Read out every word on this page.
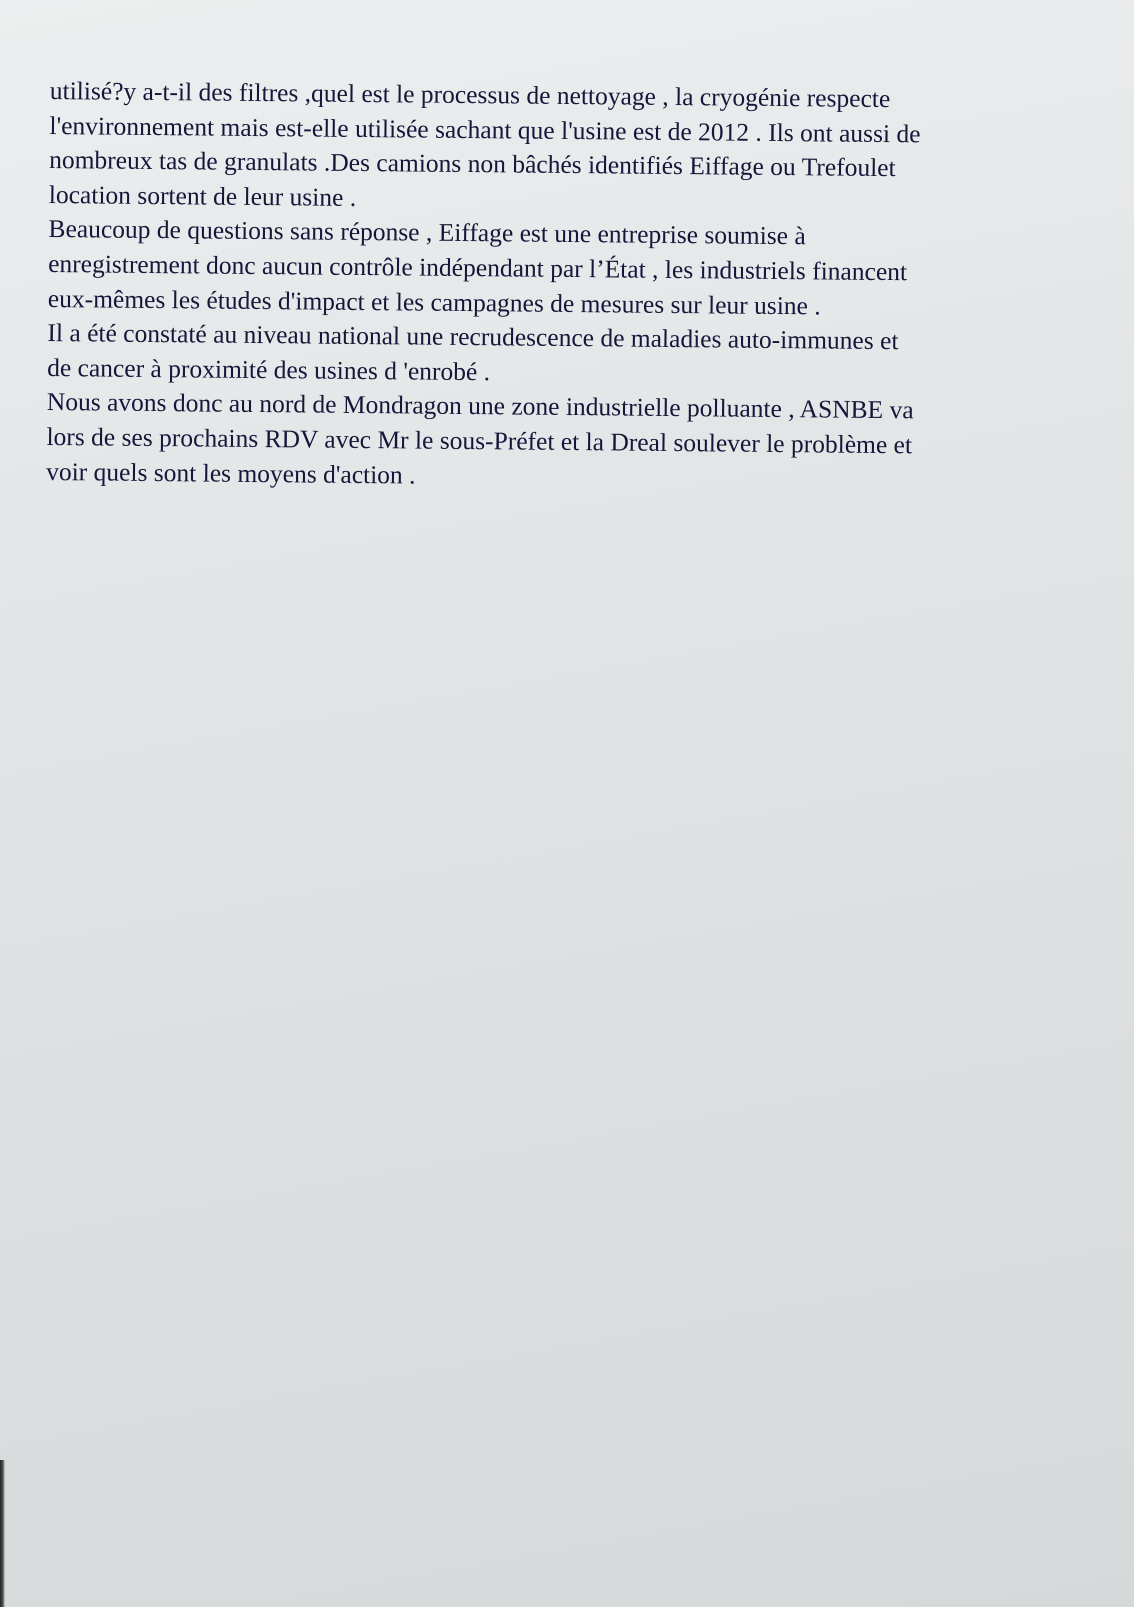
utilisé?y a-t-il des filtres ,quel est le processus de nettoyage , la cryogénie respecte
l'environnement mais est-elle utilisée sachant que l'usine est de 2012 . Ils ont aussi de
nombreux tas de granulats .Des camions non bâchés identifiés Eiffage ou Trefoulet
location sortent de leur usine .

Beaucoup de questions sans réponse , Eiffage est une entreprise soumise à
enregistrement donc aucun contrôle indépendant par l’État , les industriels financent
eux-mêmes les études d'impact et les campagnes de mesures sur leur usine .

Il a été constaté au niveau national une recrudescence de maladies auto-immunes et
de cancer à proximité des usines d 'enrobé .

Nous avons donc au nord de Mondragon une zone industrielle polluante , ASNBE va
lors de ses prochains RDV avec Mr le sous-Préfet et la Dreal soulever le problème et
voir quels sont les moyens d'action .
